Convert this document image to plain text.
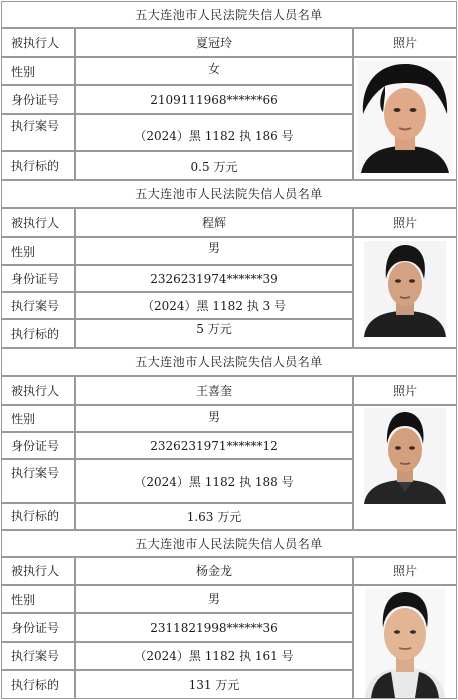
五大连池市人民法院失信人员名单
被执行人
性别
身份证号
执行案号
执行标的
夏冠玲
女
2109111968******66
（2024）黑 1182 执 186 号
0.5 万元
照片
五大连池市人民法院失信人员名单
被执行人
性别
身份证号
执行案号
执行标的
程辉
男
2326231974******39
（2024）黑 1182 执 3 号
5 万元
照片
五大连池市人民法院失信人员名单
被执行人
性别
身份证号
执行案号
执行标的
王喜奎
男
2326231971******12
（2024）黑 1182 执 188 号
1.63 万元
照片
五大连池市人民法院失信人员名单
被执行人
性别
身份证号
执行案号
执行标的
杨金龙
男
2311821998******36
（2024）黑 1182 执 161 号
131 万元
照片
